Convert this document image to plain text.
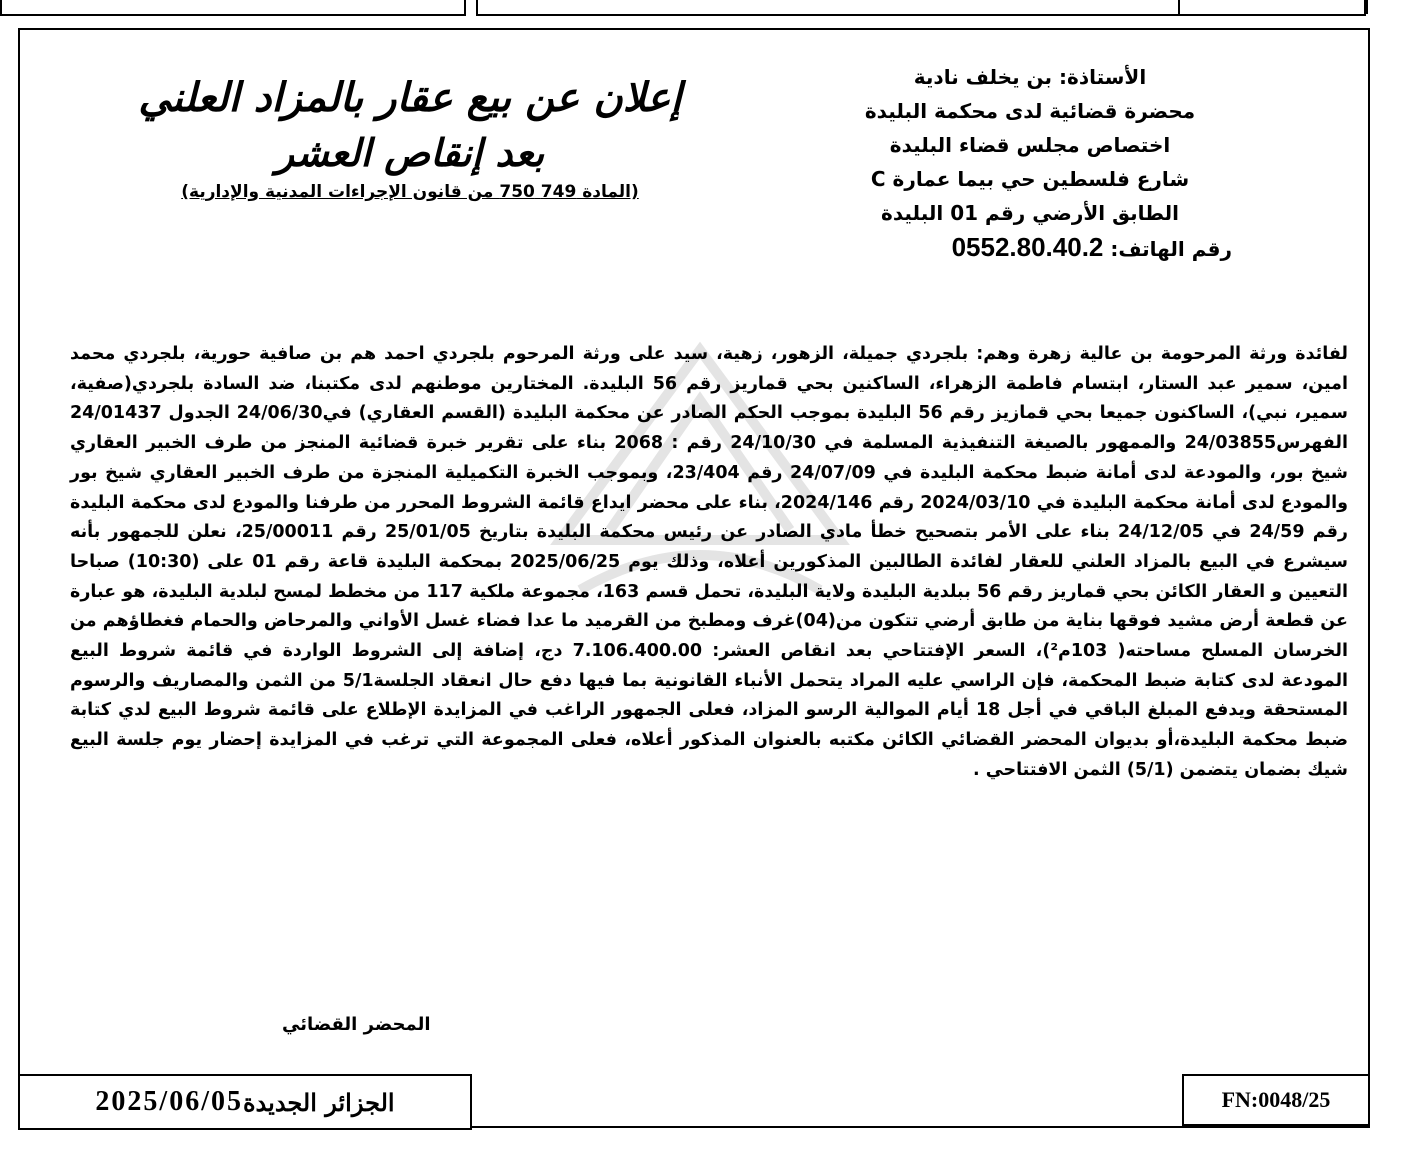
الأستاذة: بن يخلف نادية
محضرة قضائية لدى محكمة البليدة
اختصاص مجلس قضاء البليدة
شارع فلسطين حي بيما عمارة C
الطابق الأرضي رقم 01 البليدة
رقم الهاتف: 0552.80.40.2
إعلان عن بيع عقار بالمزاد العلني
بعد إنقاص العشر
(المادة 749 750 من قانون الإجراءات المدنية والإدارية)
لفائدة ورثة المرحومة بن عالية زهرة وهم: بلجردي جميلة، الزهور، زهية، سيد على ورثة المرحوم بلجردي احمد هم بن صافية حورية، بلجردي محمد امين، سمير عبد الستار، ابتسام فاطمة الزهراء، الساكنين بحي قماريز رقم 56 البليدة. المختارين موطنهم لدى مكتبنا، ضد السادة بلجردي(صفية، سمير، نبي)، الساكنون جميعا بحي قمازيز رقم 56 البليدة بموجب الحكم الصادر عن محكمة البليدة (القسم العقاري) في24/06/30 الجدول 24/01437 الفهرس24/03855 والممهور بالصيغة التنفيذية المسلمة في 24/10/30 رقم : 2068 بناء على تقرير خبرة قضائية المنجز من طرف الخبير العقاري شيخ بور، والمودعة لدى أمانة ضبط محكمة البليدة في 24/07/09 رقم 23/404، وبموجب الخبرة التكميلية المنجزة من طرف الخبير العقاري شيخ بور والمودع لدى أمانة محكمة البليدة في 2024/03/10 رقم 2024/146، بناء على محضر ايداع قائمة الشروط المحرر من طرفنا والمودع لدى محكمة البليدة رقم 24/59 في 24/12/05 بناء على الأمر بتصحيح خطأ مادي الصادر عن رئيس محكمة البليدة بتاريخ 25/01/05 رقم 25/00011، نعلن للجمهور بأنه سيشرع في البيع بالمزاد العلني للعقار لفائدة الطالبين المذكورين أعلاه، وذلك يوم 2025/06/25 بمحكمة البليدة قاعة رقم 01 على (10:30) صباحا التعيين و العقار الكائن بحي قماريز رقم 56 ببلدية البليدة ولاية البليدة، تحمل قسم 163، مجموعة ملكية 117 من مخطط لمسح لبلدية البليدة، هو عبارة عن قطعة أرض مشيد فوقها بناية من طابق أرضي تتكون من(04)غرف ومطبخ من القرميد ما عدا فضاء غسل الأواني والمرحاض والحمام فغطاؤهم من الخرسان المسلح مساحته( 103م²)، السعر الإفتتاحي بعد انقاص العشر: 7.106.400.00 دج، إضافة إلى الشروط الواردة في قائمة شروط البيع المودعة لدى كتابة ضبط المحكمة، فإن الراسي عليه المراد يتحمل الأنباء القانونية بما فيها دفع حال انعقاد الجلسة5/1 من الثمن والمصاريف والرسوم المستحقة ويدفع المبلغ الباقي في أجل 18 أيام الموالية الرسو المزاد، فعلى الجمهور الراغب في المزايدة الإطلاع على قائمة شروط البيع لدي كتابة ضبط محكمة البليدة،أو بديوان المحضر القضائي الكائن مكتبه بالعنوان المذكور أعلاه، فعلى المجموعة التي ترغب في المزايدة إحضار يوم جلسة البيع شيك بضمان يتضمن (5/1) الثمن الافتتاحي .
المحضر القضائي
الجزائر الجديدة
2025/06/05	FN:0048/25
